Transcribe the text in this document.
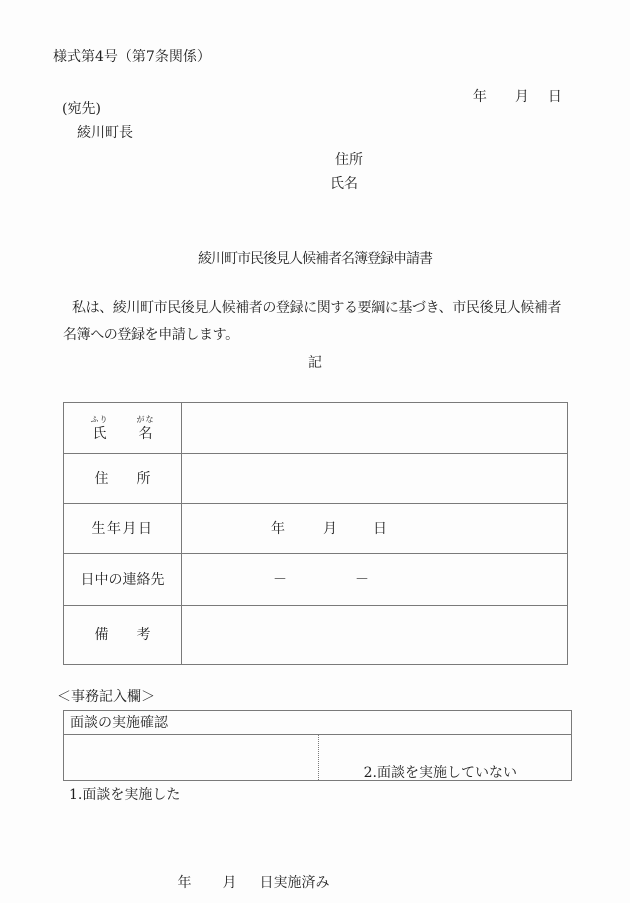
様式第4号（第7条関係）

年 月 日

(宛先)
綾川町長
住所
氏名
綾川町市民後見人候補者名簿登録申請書
私は、綾川町市民後見人候補者の登録に関する要綱に基づき、市民後見人候補者
名簿への登録を申請します。
記
ふり
氏
がな
名
住　　所
生年月日	年	月	日
日中の連絡先	－	－
備　　考
＜事務記入欄＞
面談の実施確認

1.面談を実施した

年 月 日実施済み

2.面談を実施していない
